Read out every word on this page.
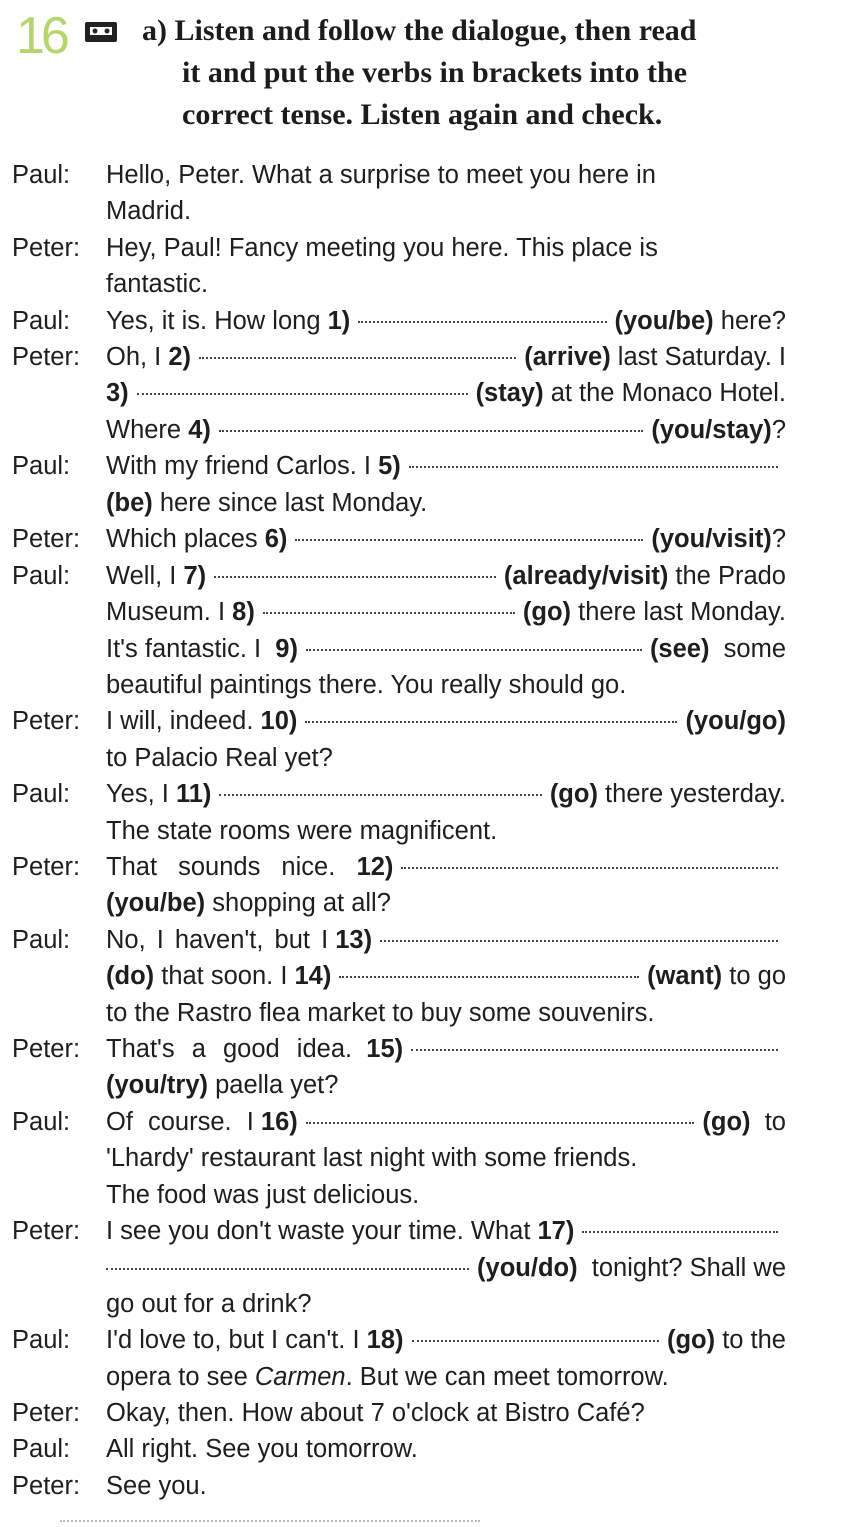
16	a) Listen and follow the dialogue, then read
it and put the verbs in brackets into the
correct tense. Listen again and check.
Paul: Hello, Peter. What a surprise to meet you here in
Madrid.
Peter: Hey, Paul! Fancy meeting you here. This place is
fantastic.
Paul: Yes, it is. How long
1)	(you/be)
here?
Peter: Oh, I
2)	(arrive)
last Saturday. I
3)	(stay)
at the Monaco Hotel.
Where
4)	(you/stay) ?
Paul: With my friend Carlos. I
5)
(be)
here since last Monday.
Peter: Which places
6)	(you/visit) ?
Paul: Well, I
7)	(already/visit)
the Prado
Museum. I
8)	(go)
there last Monday.
It's fantastic. I
9)	(see)
some
beautiful paintings there. You really should go.
Peter: I will, indeed.
10)	(you/go)
to Palacio Real yet?
Paul: Yes, I
11)	(go)
there yesterday.
The state rooms were magnificent.
Peter: That sounds nice.
12)
(you/be)
shopping at all?
Paul: No, I haven't, but I
13)
(do)
that soon. I
14)	(want)
to go
to the Rastro flea market to buy some souvenirs.
Peter: That's a good idea.
15)
(you/try)
paella yet?
Paul: Of course. I
16)	(go)
to
'Lhardy' restaurant last night with some friends.
The food was just delicious.
Peter: I see you don't waste your time. What
17)
(you/do)
tonight? Shall we
go out for a drink?
Paul: I'd love to, but I can't. I
18)	(go)
to the
opera to see
Carmen . But we can meet tomorrow.
Peter: Okay, then. How about 7 o'clock at Bistro Café?
Paul: All right. See you tomorrow.
Peter: See you.
